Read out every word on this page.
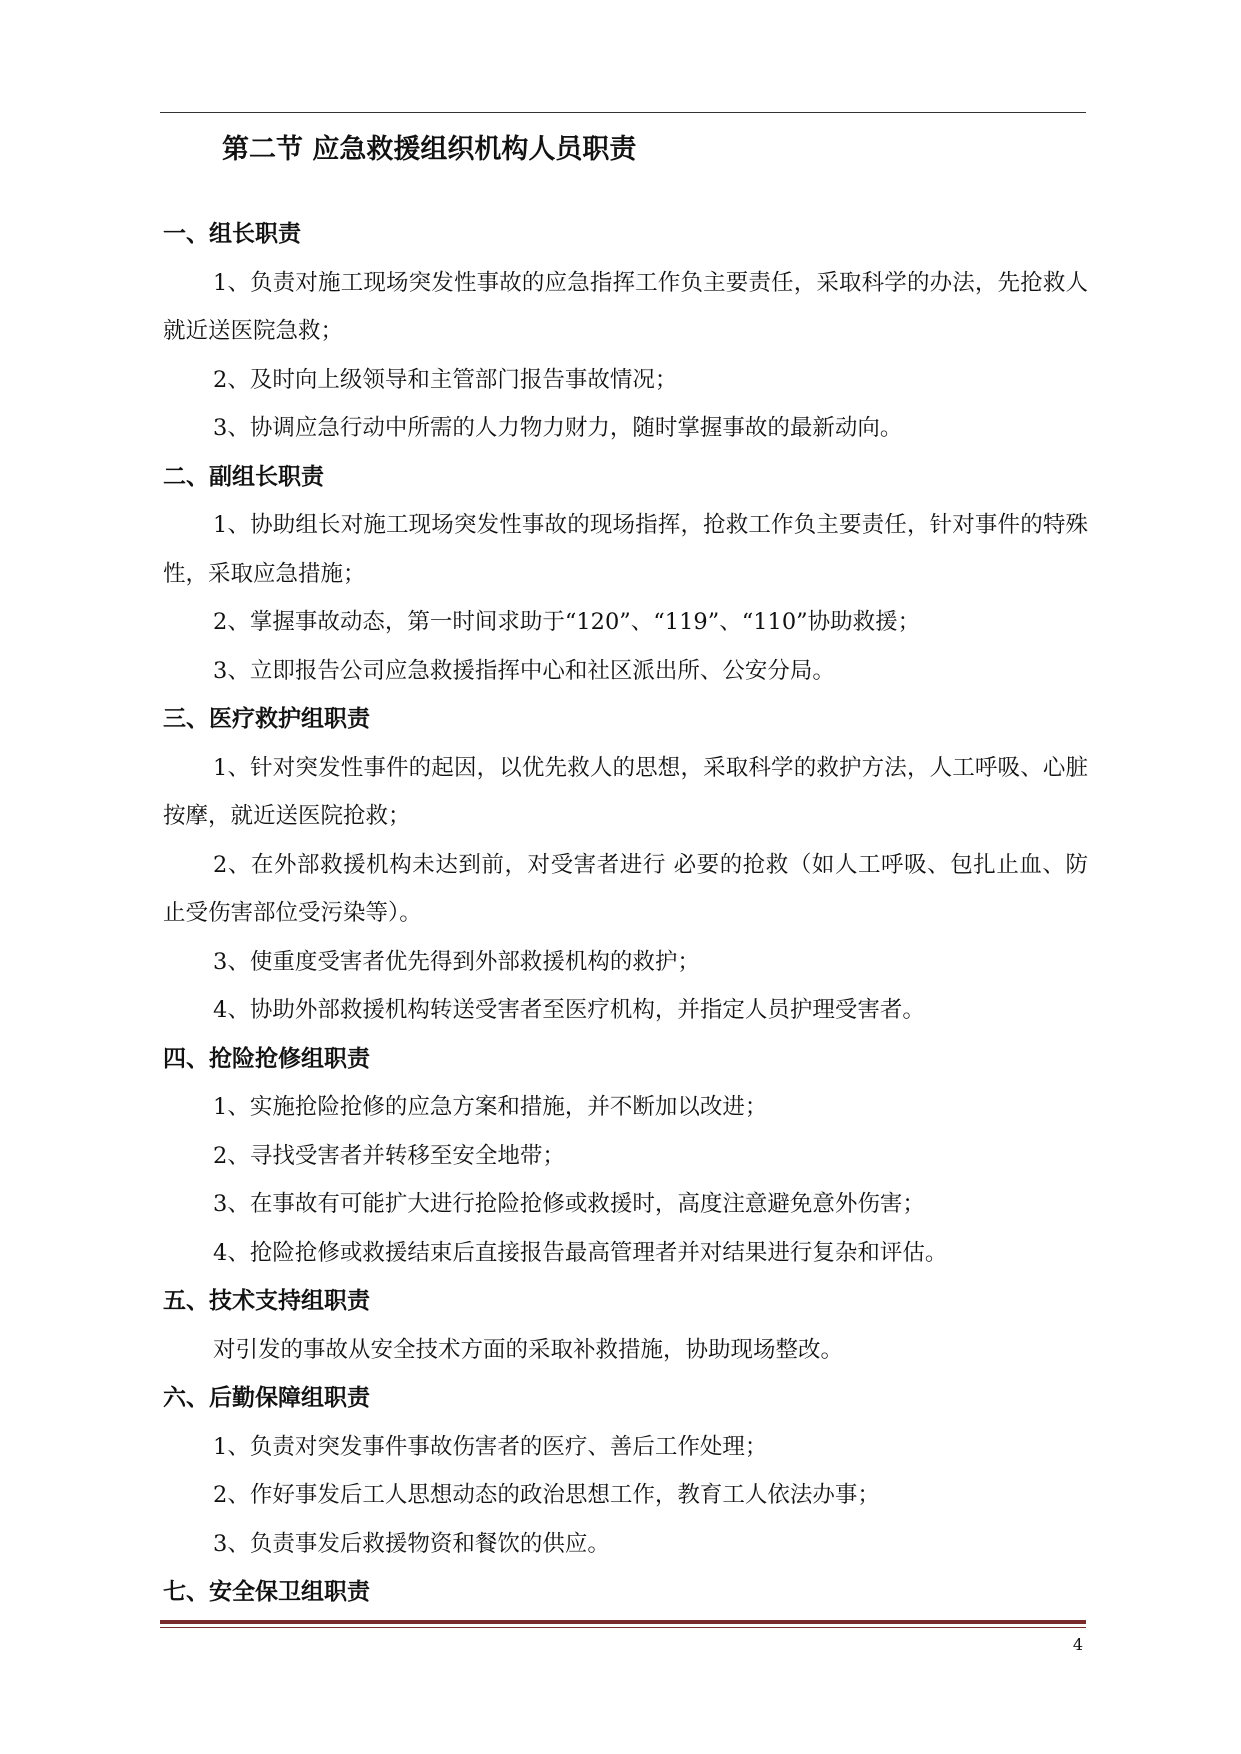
第二节 应急救援组织机构人员职责
一、组长职责

1、负责对施工现场突发性事故的应急指挥工作负主要责任，采取科学的办法，先抢救人就近送医院急救；

2、及时向上级领导和主管部门报告事故情况；

3、协调应急行动中所需的人力物力财力，随时掌握事故的最新动向。

二、副组长职责

1、协助组长对施工现场突发性事故的现场指挥，抢救工作负主要责任，针对事件的特殊性，采取应急措施；

2、掌握事故动态，第一时间求助于“120”、“119”、“110”协助救援；

3、立即报告公司应急救援指挥中心和社区派出所、公安分局。

三、医疗救护组职责

1、针对突发性事件的起因，以优先救人的思想，采取科学的救护方法，人工呼吸、心脏按摩，就近送医院抢救；

2、在外部救援机构未达到前，对受害者进行 必要的抢救（如人工呼吸、包扎止血、防止受伤害部位受污染等）。

3、使重度受害者优先得到外部救援机构的救护；

4、协助外部救援机构转送受害者至医疗机构，并指定人员护理受害者。

四、抢险抢修组职责

1、实施抢险抢修的应急方案和措施，并不断加以改进；

2、寻找受害者并转移至安全地带；

3、在事故有可能扩大进行抢险抢修或救援时，高度注意避免意外伤害；

4、抢险抢修或救援结束后直接报告最高管理者并对结果进行复杂和评估。

五、技术支持组职责

对引发的事故从安全技术方面的采取补救措施，协助现场整改。

六、后勤保障组职责

1、负责对突发事件事故伤害者的医疗、善后工作处理；

2、作好事发后工人思想动态的政治思想工作，教育工人依法办事；

3、负责事发后救援物资和餐饮的供应。

七、安全保卫组职责
4
